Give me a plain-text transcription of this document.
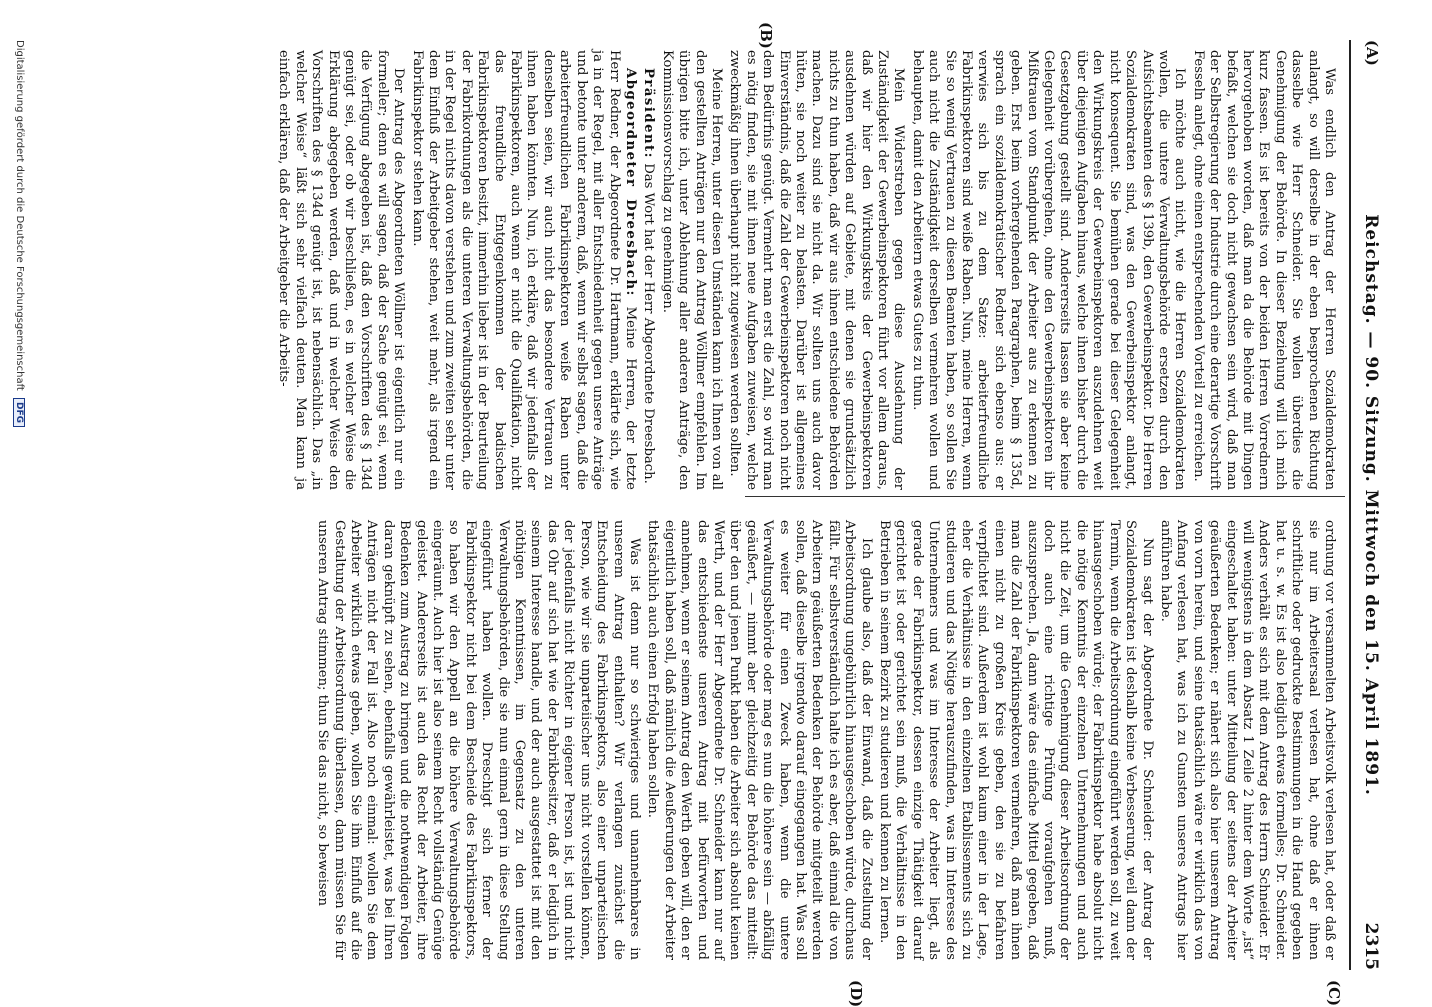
(A)
Reichstag. — 90. Sitzung. Mittwoch den 15. April 1891.
2315
(B)
(C)
(D)

Was endlich den Antrag der Herren Sozialdemokraten anlangt, so will derselbe in der eben besprochenen Richtung dasselbe wie Herr Schneider. Sie wollen überdies die Genehmigung der Behörde. In dieser Beziehung will ich mich kurz fassen. Es ist bereits von der beiden Herren Vorrednern hervorgehoben worden, daß man da die Behörde mit Dingen befaßt, welchen sie doch nicht gewachsen sein wird, daß man der Selbstregierung der Industrie durch eine derartige Vorschrift Fesseln anlegt, ohne einen entsprechenden Vorteil zu erreichen.

Ich möchte auch nicht, wie die Herren Sozialdemokraten wollen, die untere Verwaltungsbehörde ersetzen durch den Aufsichtsbeamten des § 139b, den Gewerbeinspektor. Die Herren Sozialdemokraten sind, was den Gewerbeinspektor anlangt, nicht konsequent. Sie bemühen gerade bei dieser Gelegenheit den Wirkungskreis der Gewerbeinspektoren auszudehnen weit über diejenigen Aufgaben hinaus, welche ihnen bisher durch die Gesetzgebung gestellt sind. Andererseits lassen sie aber keine Gelegenheit vorübergehen, ohne den Gewerbeinspektoren ihr Mißtrauen vom Standpunkt der Arbeiter aus zu erkennen zu geben. Erst beim vorhergehenden Paragraphen, beim § 135d, sprach ein sozialdemokratischer Redner sich ebenso aus: er verwies sich bis zu dem Satze: arbeiterfreundliche Fabrikinspektoren sind weiße Raben. Nun, meine Herren, wenn Sie so wenig Vertrauen zu diesen Beamten haben, so sollen Sie auch nicht die Zuständigkeit derselben vermehren wollen und behaupten, damit den Arbeitern etwas Gutes zu thun.

Mein Widerstreben gegen diese Ausdehnung der Zuständigkeit der Gewerbeinspektoren führt vor allem daraus, daß wir hier den Wirkungskreis der Gewerbeinspektoren ausdehnen würden auf Gebiete, mit denen sie grundsätzlich nichts zu thun haben, daß wir aus ihnen entschiedene Behörden machen. Dazu sind sie nicht da. Wir sollten uns auch davor hüten, sie noch weiter zu belasten. Darüber ist allgemeines Einverständnis, daß die Zahl der Gewerbeinspektoren noch nicht dem Bedürfnis genügt. Vermehrt man erst die Zahl, so wird man es nötig finden, sie mit ihnen neue Aufgaben zuweisen, welche zweckmäßig ihnen überhaupt nicht zugewiesen werden sollten.

Meine Herren, unter diesen Umständen kann ich Ihnen von all den gestellten Anträgen nur den Antrag Wöllmer empfehlen. Im übrigen bitte ich, unter Ablehnung aller anderen Anträge, den Kommissionsvorschlag zu genehmigen.

Präsident: Das Wort hat der Herr Abgeordnete Dreesbach.

Abgeordneter Dreesbach: Meine Herren, der letzte Herr Redner, der Abgeordnete Dr. Hartmann, erklärte sich, wie ja in der Regel, mit aller Entschiedenheit gegen unsere Anträge und betonte unter anderem, daß, wenn wir selbst sagen, daß die arbeiterfreundlichen Fabrikinspektoren weiße Raben unter denselben seien, wir auch nicht das besondere Vertrauen zu ihnen haben könnten. Nun, ich erkläre, daß wir jedenfalls der Fabrikinspektoren, auch wenn er nicht die Qualifikation, nicht das freundliche Entgegenkommen der badischen Fabrikinspektoren besitzt, immerhin lieber ist in der Beurteilung der Fabrikordnungen als die unteren Verwaltungsbehörden, die in der Regel nichts davon verstehen und zum zweiten sehr unter dem Einfluß der Arbeitgeber stehen, weit mehr, als irgend ein Fabrikinspektor stehen kann.

Der Antrag des Abgeordneten Wöllmer ist eigentlich nur ein formeller; denn es will sagen, daß der Sache genügt sei, wenn die Verfügung abgegeben ist, daß den Vorschriften des § 134d genügt sei, oder ob wir beschließen, es in welcher Weise die Erklärung abgegeben werden, daß und in welcher Weise den Vorschriften des § 134d genügt ist, ist nebensächlich. Das „in welcher Weise“ läßt sich sehr vielfach deuten. Man kann ja einfach erklären, daß der Arbeitgeber die Arbeits-

ordnung vor versammelten Arbeitsvolk verlesen hat, oder daß er sie nur im Arbeitersaal verlesen hat, ohne daß er ihnen schriftliche oder gedruckte Bestimmungen in die Hand gegeben hat u. s. w. Es ist also lediglich etwas formelles; Dr. Schneider. Anders verhält es sich mit dem Antrag des Herrn Schneider. Er will wenigstens in dem Absatz 1 Zeile 2 hinter dem Worte „ist“ eingeschaltet haben: unter Mitteilung der seitens der Arbeiter geäußerten Bedenken; er nähert sich also hier unserem Antrag von vorn herein, und seine thatsächlich wäre er wirklich das von Anfang verlesen hat, was ich zu Gunsten unseres Antrags hier anführen habe.

Nun sagt der Abgeordnete Dr. Schneider: der Antrag der Sozialdemokraten ist deshalb keine Verbesserung, weil dann der Termin, wenn die Arbeitsordnung eingeführt werden soll, zu weit hinausgeschoben würde; der Fabrikinspektor habe absolut nicht die nötige Kenntnis der einzelnen Unternehmungen und auch nicht die Zeit, um die Genehmigung dieser Arbeitsordnung der doch auch eine richtige Prüfung voraufgehen muß, auszusprechen. Ja, dann wäre das einfache Mittel gegeben, daß man die Zahl der Fabrikinspektoren vermehren, daß man ihnen einen nicht zu großen Kreis geben, den sie zu befahren verpflichtet sind. Außerdem ist wohl kaum einer in der Lage, eher die Verhältnisse in den einzelnen Etablissements sich zu studieren und das Nötige herauszufinden, was im Interesse des Unternehmers und was im Interesse der Arbeiter liegt, als gerade der Fabrikinspektor, dessen einzige Thätigkeit darauf gerichtet ist oder gerichtet sein muß, die Verhältnisse in den Betrieben in seinem Bezirk zu studieren und kennen zu lernen.

Ich glaube also, daß der Einwand, daß die Zustellung der Arbeitsordnung ungebührlich hinausgeschoben würde, durchaus fällt. Für selbstverständlich halte ich es aber, daß einmal die von Arbeitern geäußerten Bedenken der Behörde mitgeteilt werden sollen, daß dieselbe irgendwo darauf eingegangen hat. Was soll es weiter für einen Zweck haben, wenn die untere Verwaltungsbehörde oder mag es nun die höhere sein — abfällig geäußert, — nimmt aber gleichzeitig der Behörde das mitteilt: über den und jenen Punkt haben die Arbeiter sich absolut keinen Werth, und der Herr Abgeordnete Dr. Schneider kann nur auf das entschiedenste unseren Antrag mit befürworten und annehmen, wenn er seinem Antrag den Werth geben will, den er eigentlich haben soll, daß nämlich die Aeußerungen der Arbeiter thatsächlich auch einen Erfolg haben sollen.

Was ist denn nur so schwieriges und unannehmbares in unserem Antrag enthalten? Wir verlangen zunächst die Entscheidung des Fabrikinspektors, also einer unparteiischen Person, wie wir sie unparteiischer uns nicht vorstellen können, der jedenfalls nicht Richter in eigener Person ist, ist und nicht das Ohr auf sich hat wie der Fabrikbesitzer, daß er lediglich in seinem Interesse handle, und der auch ausgestattet ist mit den nöthigen Kenntnissen, im Gegensatz zu den unteren Verwaltungsbehörden, die sie nun einmal gern in diese Stellung eingeführt haben wollen. Dreschigt sich ferner der Fabrikinspektor nicht bei dem Bescheide des Fabrikinspektors, so haben wir den Appell an die höhere Verwaltungsbehörde eingeräumt. Auch hier ist also seinem Recht vollständig Genüge geleistet. Andererseits ist auch das Recht der Arbeiter, ihre Bedenken zum Austrag zu bringen und die nothwendigen Folgen daran geknüpft zu sehen, ebenfalls gewährleistet, was bei Ihren Anträgen nicht der Fall ist. Also noch einmal: wollen Sie dem Arbeiter wirklich etwas geben, wollen Sie ihm Einfluß auf die Gestaltung der Arbeitsordnung überlassen, dann müssen Sie für unseren Antrag stimmen; thun Sie das nicht, so beweisen

Digitalisierung gefördert durch die Deutsche Forschungsgemeinschaft DFG
